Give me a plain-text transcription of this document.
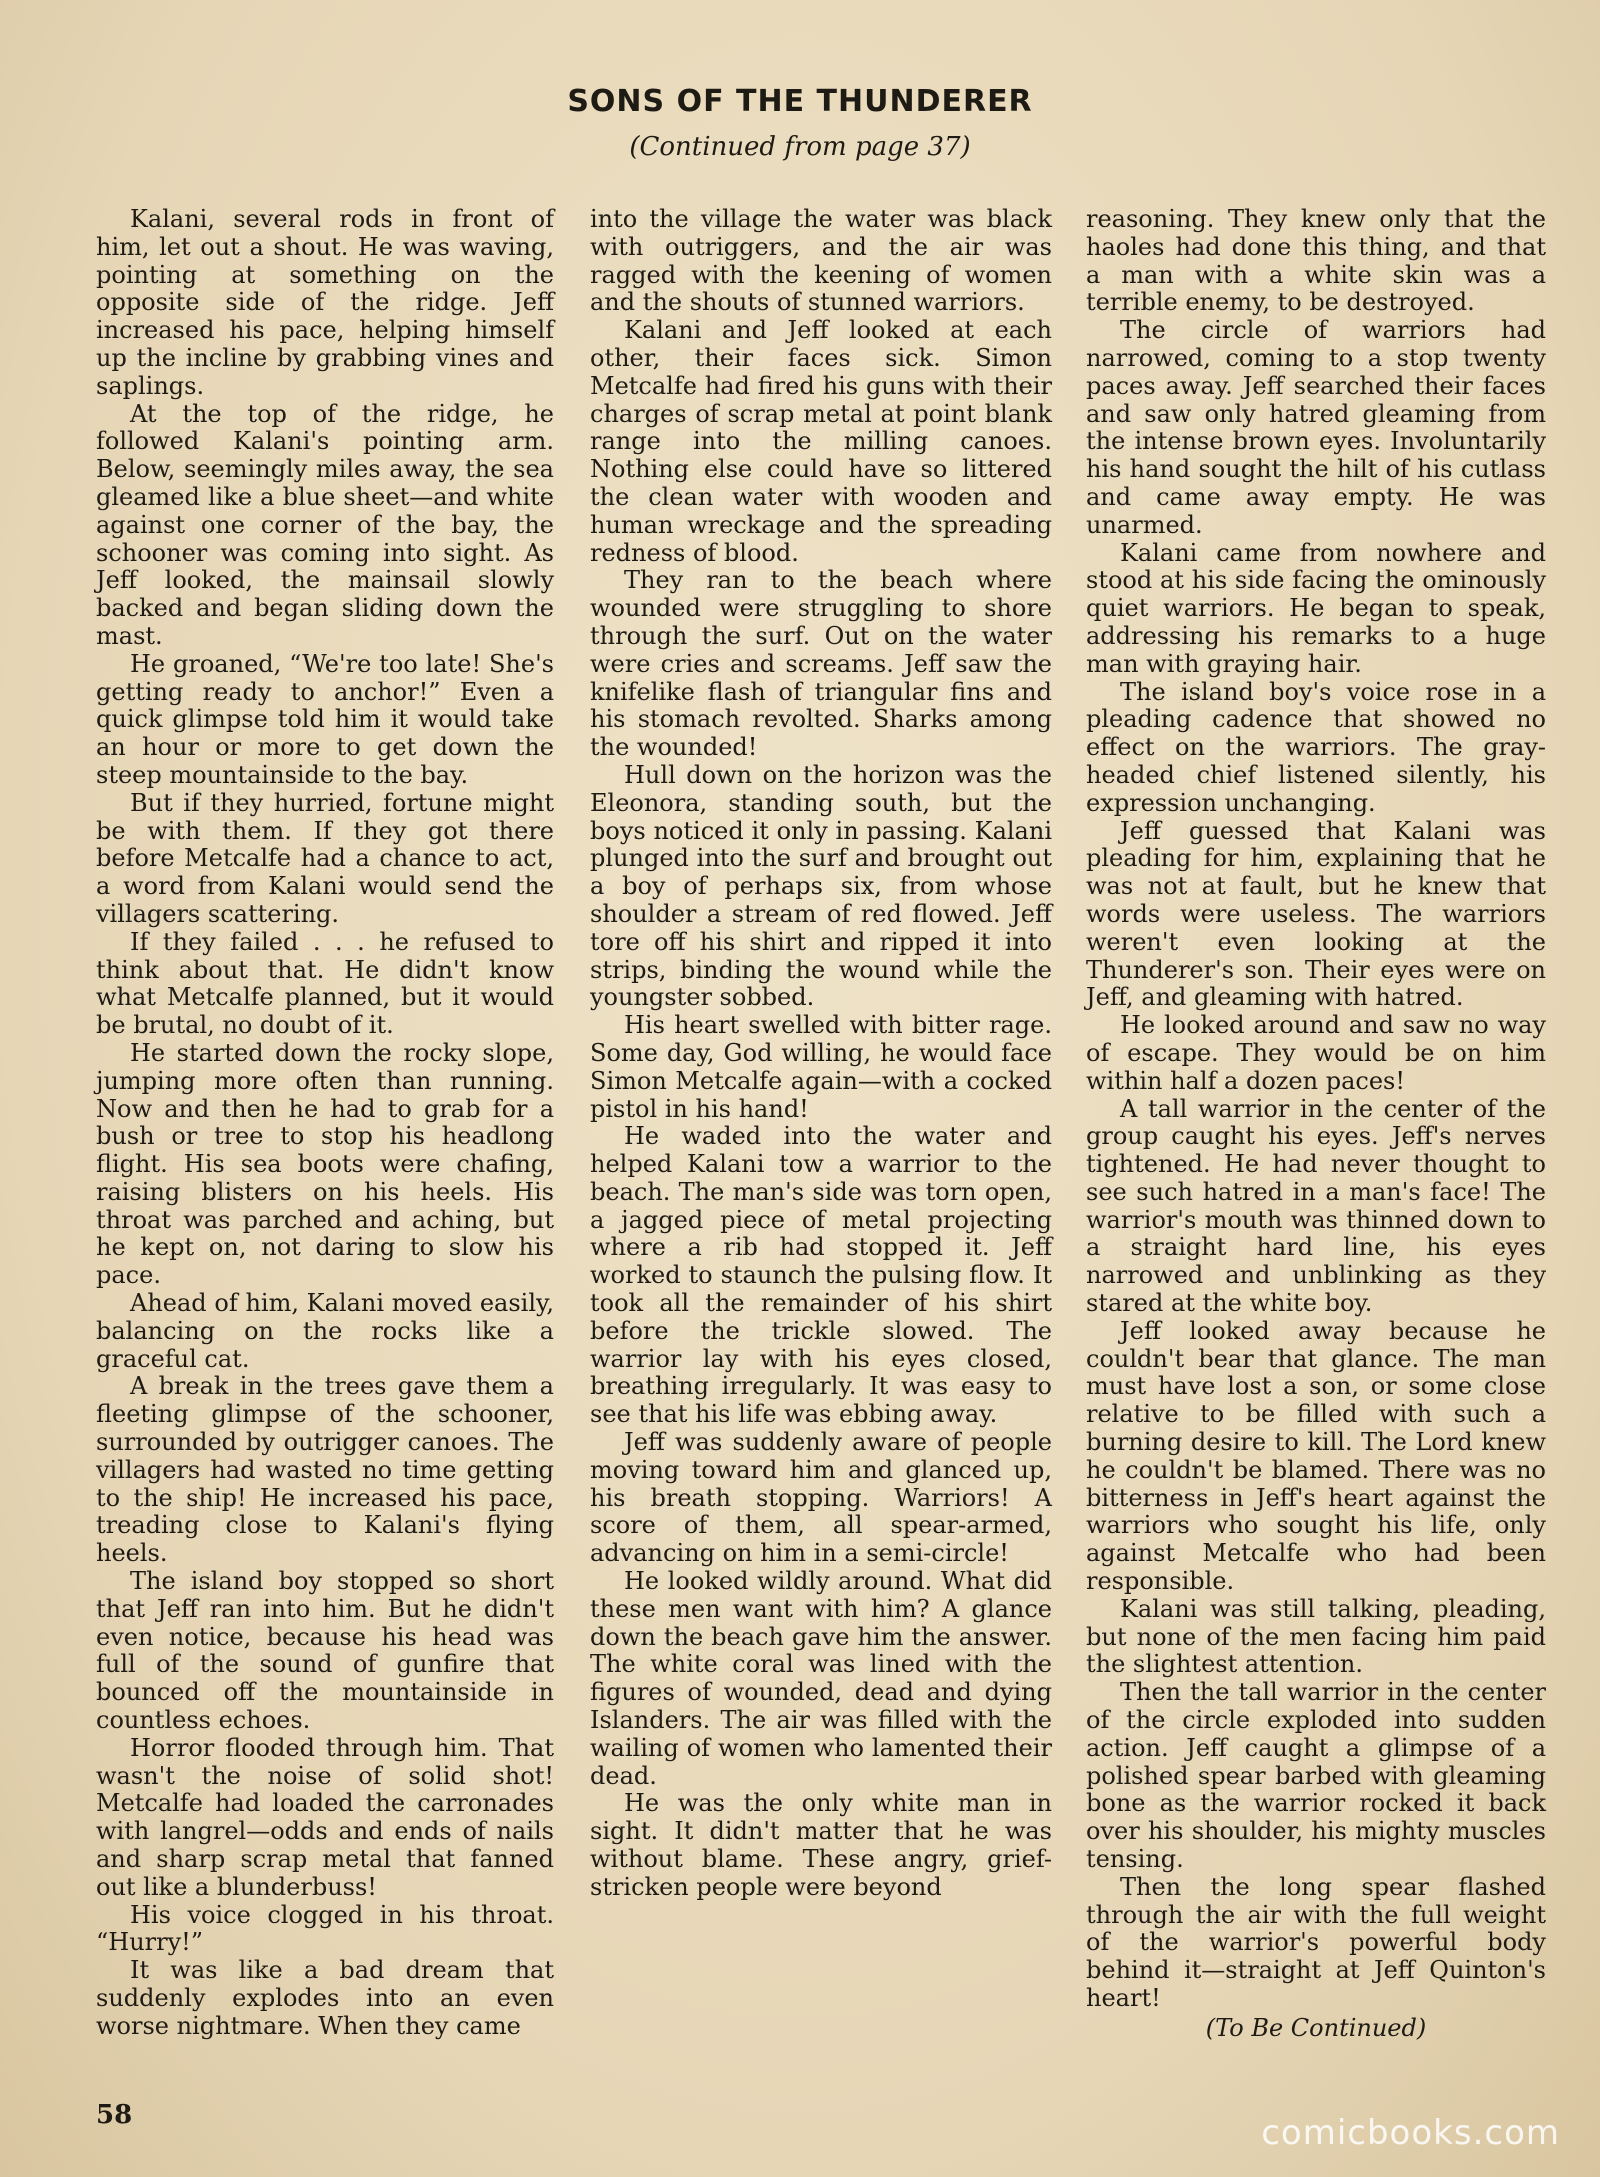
SONS OF THE THUNDERER
(Continued from page 37)

Kalani, several rods in front of him, let out a shout. He was waving, pointing at something on the opposite side of the ridge. Jeff increased his pace, helping himself up the incline by grabbing vines and saplings.

At the top of the ridge, he followed Kalani's pointing arm. Below, seemingly miles away, the sea gleamed like a blue sheet—and white against one corner of the bay, the schooner was coming into sight. As Jeff looked, the mainsail slowly backed and began sliding down the mast.

He groaned, “We're too late! She's getting ready to anchor!” Even a quick glimpse told him it would take an hour or more to get down the steep mountainside to the bay.

But if they hurried, fortune might be with them. If they got there before Metcalfe had a chance to act, a word from Kalani would send the villagers scattering.

If they failed . . . he refused to think about that. He didn't know what Metcalfe planned, but it would be brutal, no doubt of it.

He started down the rocky slope, jumping more often than running. Now and then he had to grab for a bush or tree to stop his headlong flight. His sea boots were chafing, raising blisters on his heels. His throat was parched and aching, but he kept on, not daring to slow his pace.

Ahead of him, Kalani moved easily, balancing on the rocks like a graceful cat.

A break in the trees gave them a fleeting glimpse of the schooner, surrounded by outrigger canoes. The villagers had wasted no time getting to the ship! He increased his pace, treading close to Kalani's flying heels.

The island boy stopped so short that Jeff ran into him. But he didn't even notice, because his head was full of the sound of gunfire that bounced off the mountainside in countless echoes.

Horror flooded through him. That wasn't the noise of solid shot! Metcalfe had loaded the carronades with langrel—odds and ends of nails and sharp scrap metal that fanned out like a blunderbuss!

His voice clogged in his throat. “Hurry!”

It was like a bad dream that suddenly explodes into an even worse nightmare. When they came

into the village the water was black with outriggers, and the air was ragged with the keening of women and the shouts of stunned warriors.

Kalani and Jeff looked at each other, their faces sick. Simon Metcalfe had fired his guns with their charges of scrap metal at point blank range into the milling canoes. Nothing else could have so littered the clean water with wooden and human wreckage and the spreading redness of blood.

They ran to the beach where wounded were struggling to shore through the surf. Out on the water were cries and screams. Jeff saw the knifelike flash of triangular fins and his stomach revolted. Sharks among the wounded!

Hull down on the horizon was the Eleonora, standing south, but the boys noticed it only in passing. Kalani plunged into the surf and brought out a boy of perhaps six, from whose shoulder a stream of red flowed. Jeff tore off his shirt and ripped it into strips, binding the wound while the youngster sobbed.

His heart swelled with bitter rage. Some day, God willing, he would face Simon Metcalfe again—with a cocked pistol in his hand!

He waded into the water and helped Kalani tow a warrior to the beach. The man's side was torn open, a jagged piece of metal projecting where a rib had stopped it. Jeff worked to staunch the pulsing flow. It took all the remainder of his shirt before the trickle slowed. The warrior lay with his eyes closed, breathing irregularly. It was easy to see that his life was ebbing away.

Jeff was suddenly aware of people moving toward him and glanced up, his breath stopping. Warriors! A score of them, all spear-armed, advancing on him in a semi-circle!

He looked wildly around. What did these men want with him? A glance down the beach gave him the answer. The white coral was lined with the figures of wounded, dead and dying Islanders. The air was filled with the wailing of women who lamented their dead.

He was the only white man in sight. It didn't matter that he was without blame. These angry, grief-stricken people were beyond

reasoning. They knew only that the haoles had done this thing, and that a man with a white skin was a terrible enemy, to be destroyed.

The circle of warriors had narrowed, coming to a stop twenty paces away. Jeff searched their faces and saw only hatred gleaming from the intense brown eyes. Involuntarily his hand sought the hilt of his cutlass and came away empty. He was unarmed.

Kalani came from nowhere and stood at his side facing the ominously quiet warriors. He began to speak, addressing his remarks to a huge man with graying hair.

The island boy's voice rose in a pleading cadence that showed no effect on the warriors. The gray-headed chief listened silently, his expression unchanging.

Jeff guessed that Kalani was pleading for him, explaining that he was not at fault, but he knew that words were useless. The warriors weren't even looking at the Thunderer's son. Their eyes were on Jeff, and gleaming with hatred.

He looked around and saw no way of escape. They would be on him within half a dozen paces!

A tall warrior in the center of the group caught his eyes. Jeff's nerves tightened. He had never thought to see such hatred in a man's face! The warrior's mouth was thinned down to a straight hard line, his eyes narrowed and unblinking as they stared at the white boy.

Jeff looked away because he couldn't bear that glance. The man must have lost a son, or some close relative to be filled with such a burning desire to kill. The Lord knew he couldn't be blamed. There was no bitterness in Jeff's heart against the warriors who sought his life, only against Metcalfe who had been responsible.

Kalani was still talking, pleading, but none of the men facing him paid the slightest attention.

Then the tall warrior in the center of the circle exploded into sudden action. Jeff caught a glimpse of a polished spear barbed with gleaming bone as the warrior rocked it back over his shoulder, his mighty muscles tensing.

Then the long spear flashed through the air with the full weight of the warrior's powerful body behind it—straight at Jeff Quinton's heart!

(To Be Continued)

58	comicbooks.com
